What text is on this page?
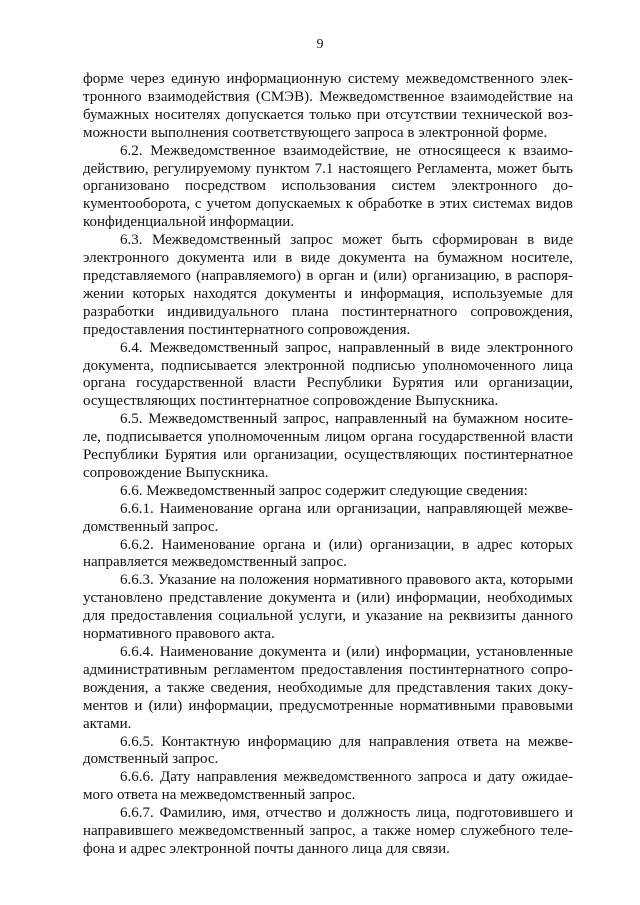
9

форме через единую информационную систему межведомственного электронного взаимодействия (СМЭВ). Межведомственное взаимодействие на бумажных носителях допускается только при отсутствии технической возможности выполнения соответствующего запроса в электронной форме.

6.2. Межведомственное взаимодействие, не относящееся к взаимодействию, регулируемому пунктом 7.1 настоящего Регламента, может быть организовано посредством использования систем электронного документооборота, с учетом допускаемых к обработке в этих системах видов конфиденциальной информации.

6.3. Межведомственный запрос может быть сформирован в виде электронного документа или в виде документа на бумажном носителе, представляемого (направляемого) в орган и (или) организацию, в распоряжении которых находятся документы и информация, используемые для разработки индивидуального плана постинтернатного сопровождения, предоставления постинтернатного сопровождения.

6.4. Межведомственный запрос, направленный в виде электронного документа, подписывается электронной подписью уполномоченного лица органа государственной власти Республики Бурятия или организации, осуществляющих постинтернатное сопровождение Выпускника.

6.5. Межведомственный запрос, направленный на бумажном носителе, подписывается уполномоченным лицом органа государственной власти Республики Бурятия или организации, осуществляющих постинтернатное сопровождение Выпускника.

6.6. Межведомственный запрос содержит следующие сведения:

6.6.1. Наименование органа или организации, направляющей межведомственный запрос.

6.6.2. Наименование органа и (или) организации, в адрес которых направляется межведомственный запрос.

6.6.3. Указание на положения нормативного правового акта, которыми установлено представление документа и (или) информации, необходимых для предоставления социальной услуги, и указание на реквизиты данного нормативного правового акта.

6.6.4. Наименование документа и (или) информации, установленные административным регламентом предоставления постинтернатного сопровождения, а также сведения, необходимые для представления таких документов и (или) информации, предусмотренные нормативными правовыми актами.

6.6.5. Контактную информацию для направления ответа на межведомственный запрос.

6.6.6. Дату направления межведомственного запроса и дату ожидаемого ответа на межведомственный запрос.

6.6.7. Фамилию, имя, отчество и должность лица, подготовившего и направившего межведомственный запрос, а также номер служебного телефона и адрес электронной почты данного лица для связи.
